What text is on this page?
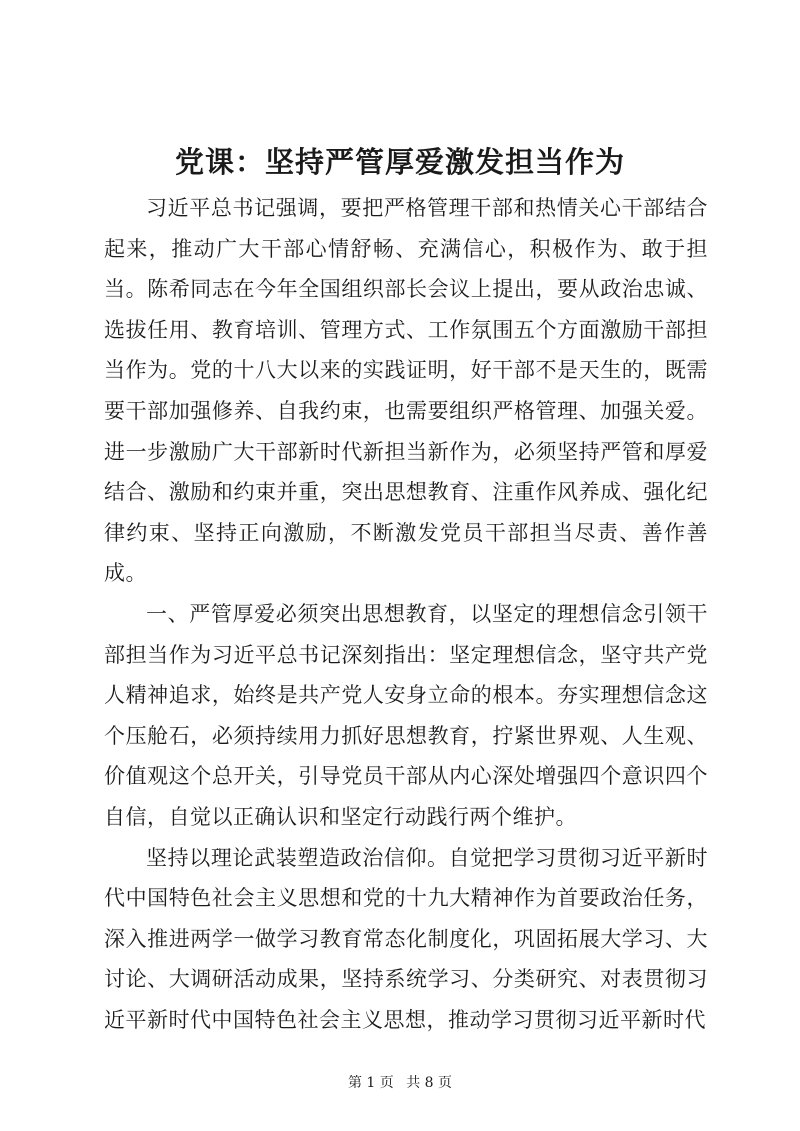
党课：坚持严管厚爱激发担当作为

习近平总书记强调，要把严格管理干部和热情关心干部结合起来，推动广大干部心情舒畅、充满信心，积极作为、敢于担当。陈希同志在今年全国组织部长会议上提出，要从政治忠诚、选拔任用、教育培训、管理方式、工作氛围五个方面激励干部担当作为。党的十八大以来的实践证明，好干部不是天生的，既需要干部加强修养、自我约束，也需要组织严格管理、加强关爱。进一步激励广大干部新时代新担当新作为，必须坚持严管和厚爱结合、激励和约束并重，突出思想教育、注重作风养成、强化纪律约束、坚持正向激励，不断激发党员干部担当尽责、善作善成。

一、严管厚爱必须突出思想教育，以坚定的理想信念引领干部担当作为习近平总书记深刻指出：坚定理想信念，坚守共产党人精神追求，始终是共产党人安身立命的根本。夯实理想信念这个压舱石，必须持续用力抓好思想教育，拧紧世界观、人生观、价值观这个总开关，引导党员干部从内心深处增强四个意识四个自信，自觉以正确认识和坚定行动践行两个维护。

坚持以理论武装塑造政治信仰。自觉把学习贯彻习近平新时代中国特色社会主义思想和党的十九大精神作为首要政治任务，深入推进两学一做学习教育常态化制度化，巩固拓展大学习、大讨论、大调研活动成果，坚持系统学习、分类研究、对表贯彻习近平新时代中国特色社会主义思想，推动学习贯彻习近平新时代

第 1 页 共 8 页
